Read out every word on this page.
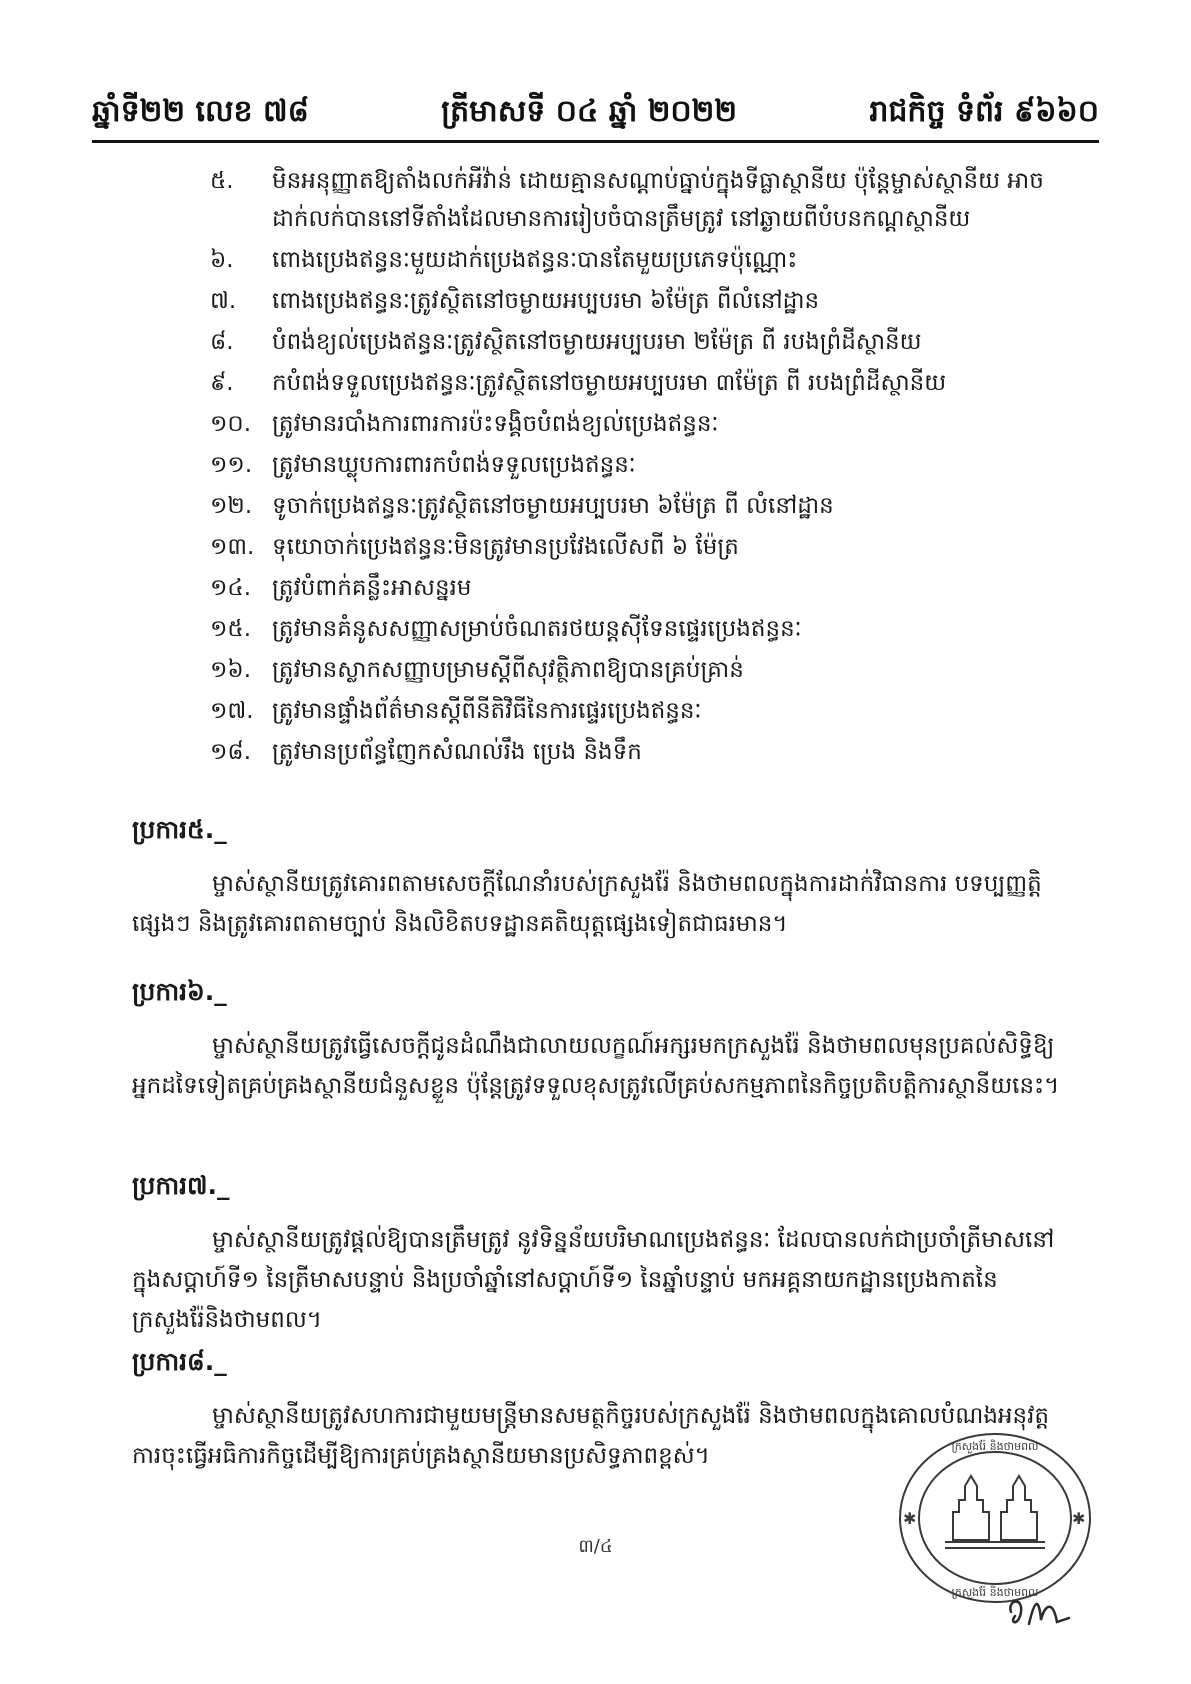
ឆ្នាំទី២២ លេខ ៧៨	ត្រីមាសទី ០៤ ឆ្នាំ ២០២២	រាជកិច្ច ទំព័រ ៩៦៦០
៥.	មិនអនុញ្ញាតឱ្យតាំងលក់អីវ៉ាន់ ដោយគ្មានសណ្តាប់ធ្នាប់ក្នុងទីធ្លាស្ថានីយ ប៉ុន្តែម្ចាស់ស្ថានីយ អាចដាក់លក់បាននៅទីតាំងដែលមានការរៀបចំបានត្រឹមត្រូវ នៅឆ្ងាយពីបំបនកណ្តស្ថានីយ
៦.	ពោងប្រេងឥន្ធនៈមួយដាក់ប្រេងឥន្ធនៈបានតែមួយប្រភេទប៉ុណ្ណោះ
៧.	ពោងប្រេងឥន្ធនៈត្រូវស្ថិតនៅចម្ងាយអប្បបរមា ៦ម៉ែត្រ ពីលំនៅដ្ឋាន
៨.	បំពង់ខ្យល់ប្រេងឥន្ធនៈត្រូវស្ថិតនៅចម្ងាយអប្បបរមា ២ម៉ែត្រ ពី របងព្រំដីស្ថានីយ
៩.	កបំពង់ទទួលប្រេងឥន្ធនៈត្រូវស្ថិតនៅចម្ងាយអប្បបរមា ៣ម៉ែត្រ ពី របងព្រំដីស្ថានីយ
១០. ត្រូវមានរបាំងការពារការប៉ះទង្គិចបំពង់ខ្យល់ប្រេងឥន្ធនៈ
១១. ត្រូវមានឃ្លុបការពារកបំពង់ទទួលប្រេងឥន្ធនៈ
១២. ទូចាក់ប្រេងឥន្ធនៈត្រូវស្ថិតនៅចម្ងាយអប្បបរមា ៦ម៉ែត្រ ពី លំនៅដ្ឋាន
១៣. ទុយោចាក់ប្រេងឥន្ធនៈមិនត្រូវមានប្រវែងលើសពី ៦ ម៉ែត្រ
១៤. ត្រូវបំពាក់គន្លឹះអាសន្នរម
១៥. ត្រូវមានគំនូសសញ្ញាសម្រាប់ចំណតរថយន្តស៊ីទែនផ្ទេរប្រេងឥន្ធនៈ
១៦. ត្រូវមានស្លាកសញ្ញាបម្រាមស្តីពីសុវត្ថិភាពឱ្យបានគ្រប់គ្រាន់
១៧. ត្រូវមានផ្ទាំងព័ត៌មានស្តីពីនីតិវិធីនៃការផ្ទេរប្រេងឥន្ធនៈ
១៨. ត្រូវមានប្រព័ន្ធញែកសំណល់រឹង ប្រេង និងទឹក

ប្រការ៥._

ម្ចាស់ស្ថានីយត្រូវគោរពតាមសេចក្តីណែនាំរបស់ក្រសួងរ៉ែ និងថាមពលក្នុងការដាក់វិធានការ បទប្បញ្ញត្តិផ្សេងៗ និងត្រូវគោរពតាមច្បាប់ និងលិខិតបទដ្ឋានគតិយុត្តផ្សេងទៀតជាធរមាន។

ប្រការ៦._

ម្ចាស់ស្ថានីយត្រូវធ្វើសេចក្តីជូនដំណឹងជាលាយលក្ខណ៍អក្សរមកក្រសួងរ៉ែ និងថាមពលមុនប្រគល់សិទ្ធិឱ្យអ្នកដទៃទៀតគ្រប់គ្រងស្ថានីយជំនួសខ្លួន ប៉ុន្តែត្រូវទទួលខុសត្រូវលើគ្រប់សកម្មភាពនៃកិច្ចប្រតិបត្តិការស្ថានីយនេះ។

ប្រការ៧._

ម្ចាស់ស្ថានីយត្រូវផ្តល់ឱ្យបានត្រឹមត្រូវ នូវទិន្នន័យបរិមាណប្រេងឥន្ធនៈ ដែលបានលក់ជាប្រចាំត្រីមាសនៅក្នុងសប្តាហ៍ទី១ នៃត្រីមាសបន្ទាប់ និងប្រចាំឆ្នាំនៅសប្តាហ៍ទី១ នៃឆ្នាំបន្ទាប់ មកអគ្គនាយកដ្ឋានប្រេងកាតនៃក្រសួងរ៉ែនិងថាមពល។

ប្រការ៨._

ម្ចាស់ស្ថានីយត្រូវសហការជាមួយមន្ត្រីមានសមត្ថកិច្ចរបស់ក្រសួងរ៉ែ និងថាមពលក្នុងគោលបំណងអនុវត្តការចុះធ្វើអធិការកិច្ចដើម្បីឱ្យការគ្រប់គ្រងស្ថានីយមានប្រសិទ្ធភាពខ្ពស់។

៣/៤
✱	✱
ក្រសួងរ៉ែ និងថាមពល
ក្រសួងរ៉ែ និងថាមពល
